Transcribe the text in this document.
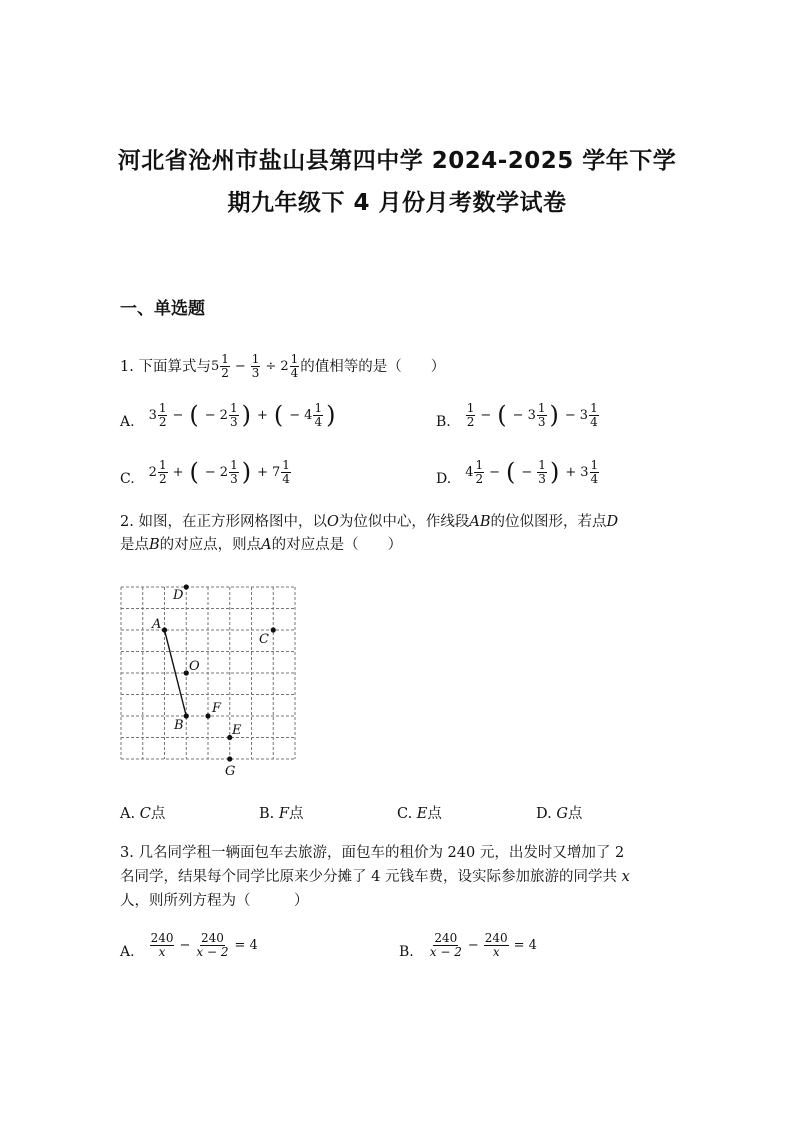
河北省沧州市盐山县第四中学 2024-2025 学年下学
期九年级下 4 月份月考数学试卷
一、单选题
1. 下面算式与 $5 \frac{1}{2} - \frac{1}{3} \div 2 \frac{1}{4}$ 的值相等的是（　　）
A. $3 \frac{1}{2}$ − ( − $2 \frac{1}{3}$ ) + ( − $4 \frac{1}{4}$ )	B. $\frac{1}{2}$ − ( − $3 \frac{1}{3}$ ) − $3 \frac{1}{4}$
C. $2 \frac{1}{2}$ + ( − $2 \frac{1}{3}$ ) + $7 \frac{1}{4}$	D. $4 \frac{1}{2}$ − ( − $\frac{1}{3}$ ) + $3 \frac{1}{4}$
2. 如图，在正方形网格图中，以O为位似中心，作线段AB的位似图形，若点D
是点B的对应点，则点A的对应点是（　　）
D
A
C
O
B
F
E
G
A. C点	B. F点	C. E点	D. G点
3. 几名同学租一辆面包车去旅游，面包车的租价为 240 元，出发时又增加了 2
名同学，结果每个同学比原来少分摊了 4 元钱车费，设实际参加旅游的同学共 x
人，则所列方程为（　　　）
A. $\frac{240}{x} - \frac{240}{x - 2} = 4$	B. $\frac{240}{x - 2} - \frac{240}{x} = 4$
